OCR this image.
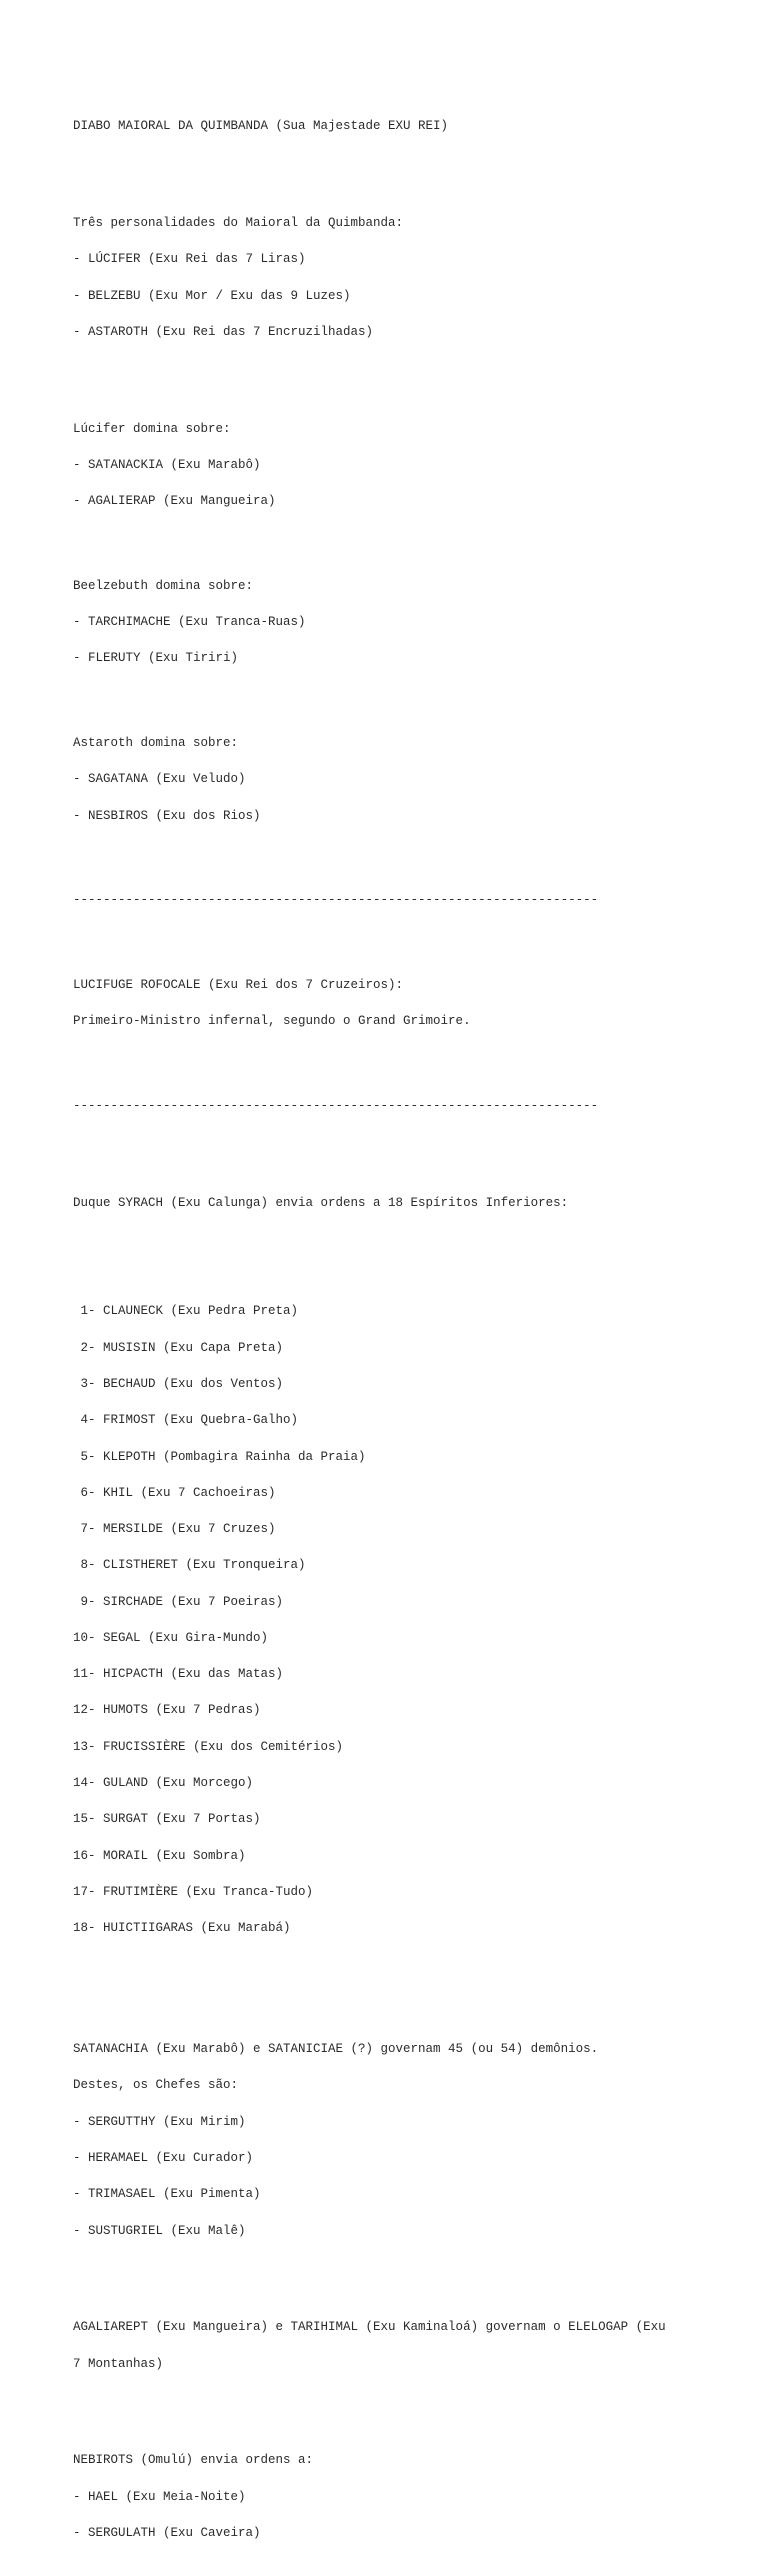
DIABO MAIORAL DA QUIMBANDA (Sua Majestade EXU REI)

Três personalidades do Maioral da Quimbanda:

- LÚCIFER (Exu Rei das 7 Liras)

- BELZEBU (Exu Mor / Exu das 9 Luzes)

- ASTAROTH (Exu Rei das 7 Encruzilhadas)

Lúcifer domina sobre:

- SATANACKIA (Exu Marabô)

- AGALIERAP (Exu Mangueira)

Beelzebuth domina sobre:

- TARCHIMACHE (Exu Tranca-Ruas)

- FLERUTY (Exu Tiriri)

Astaroth domina sobre:

- SAGATANA (Exu Veludo)

- NESBIROS (Exu dos Rios)

----------------------------------------------------------------------

LUCIFUGE ROFOCALE (Exu Rei dos 7 Cruzeiros):

Primeiro-Ministro infernal, segundo o Grand Grimoire.

----------------------------------------------------------------------

Duque SYRACH (Exu Calunga) envia ordens a 18 Espíritos Inferiores:

1- CLAUNECK (Exu Pedra Preta)

2- MUSISIN (Exu Capa Preta)

3- BECHAUD (Exu dos Ventos)

4- FRIMOST (Exu Quebra-Galho)

5- KLEPOTH (Pombagira Rainha da Praia)

6- KHIL (Exu 7 Cachoeiras)

7- MERSILDE (Exu 7 Cruzes)

8- CLISTHERET (Exu Tronqueira)

9- SIRCHADE (Exu 7 Poeiras)

10- SEGAL (Exu Gira-Mundo)

11- HICPACTH (Exu das Matas)

12- HUMOTS (Exu 7 Pedras)

13- FRUCISSIÈRE (Exu dos Cemitérios)

14- GULAND (Exu Morcego)

15- SURGAT (Exu 7 Portas)

16- MORAIL (Exu Sombra)

17- FRUTIMIÈRE (Exu Tranca-Tudo)

18- HUICTIIGARAS (Exu Marabá)

SATANACHIA (Exu Marabô) e SATANICIAE (?) governam 45 (ou 54) demônios.

Destes, os Chefes são:

- SERGUTTHY (Exu Mirim)

- HERAMAEL (Exu Curador)

- TRIMASAEL (Exu Pimenta)

- SUSTUGRIEL (Exu Malê)

AGALIAREPT (Exu Mangueira) e TARIHIMAL (Exu Kaminaloá) governam o ELELOGAP (Exu

7 Montanhas)

NEBIROTS (Omulú) envia ordens a:

- HAEL (Exu Meia-Noite)

- SERGULATH (Exu Caveira)
